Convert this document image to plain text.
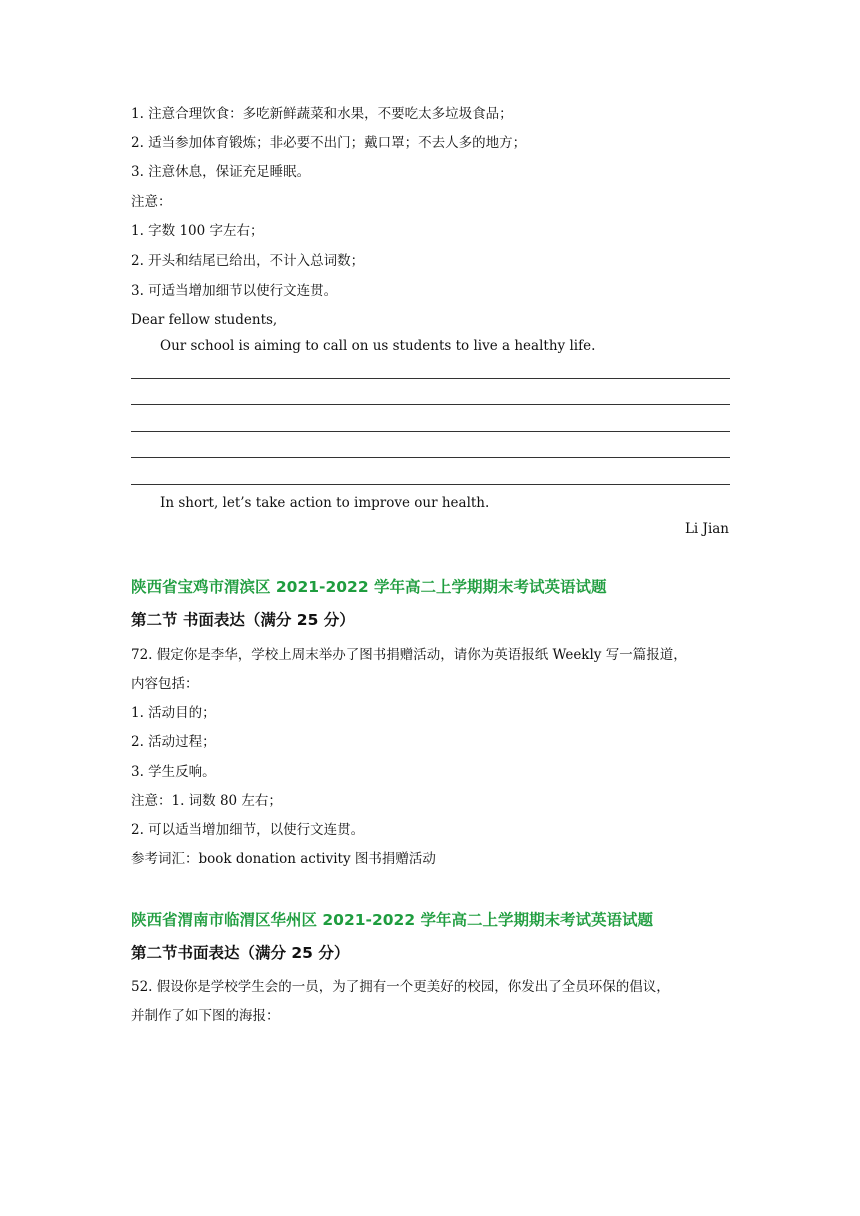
1. 注意合理饮食：多吃新鲜蔬菜和水果，不要吃太多垃圾食品；
2. 适当参加体育锻炼；非必要不出门；戴口罩；不去人多的地方；
3. 注意休息，保证充足睡眠。
注意：
1. 字数 100 字左右；
2. 开头和结尾已给出，不计入总词数；
3. 可适当增加细节以使行文连贯。
Dear fellow students,
Our school is aiming to call on us students to live a healthy life.
In short, let’s take action to improve our health.
Li Jian
陕西省宝鸡市渭滨区 2021-2022 学年高二上学期期末考试英语试题
第二节 书面表达（满分 25 分）
72. 假定你是李华，学校上周末举办了图书捐赠活动，请你为英语报纸 Weekly 写一篇报道，
内容包括：
1. 活动目的；
2. 活动过程；
3. 学生反响。
注意：1. 词数 80 左右；
2. 可以适当增加细节，以使行文连贯。
参考词汇：book donation activity 图书捐赠活动
陕西省渭南市临渭区华州区 2021-2022 学年高二上学期期末考试英语试题
第二节书面表达（满分 25 分）
52. 假设你是学校学生会的一员，为了拥有一个更美好的校园，你发出了全员环保的倡议，
并制作了如下图的海报：
